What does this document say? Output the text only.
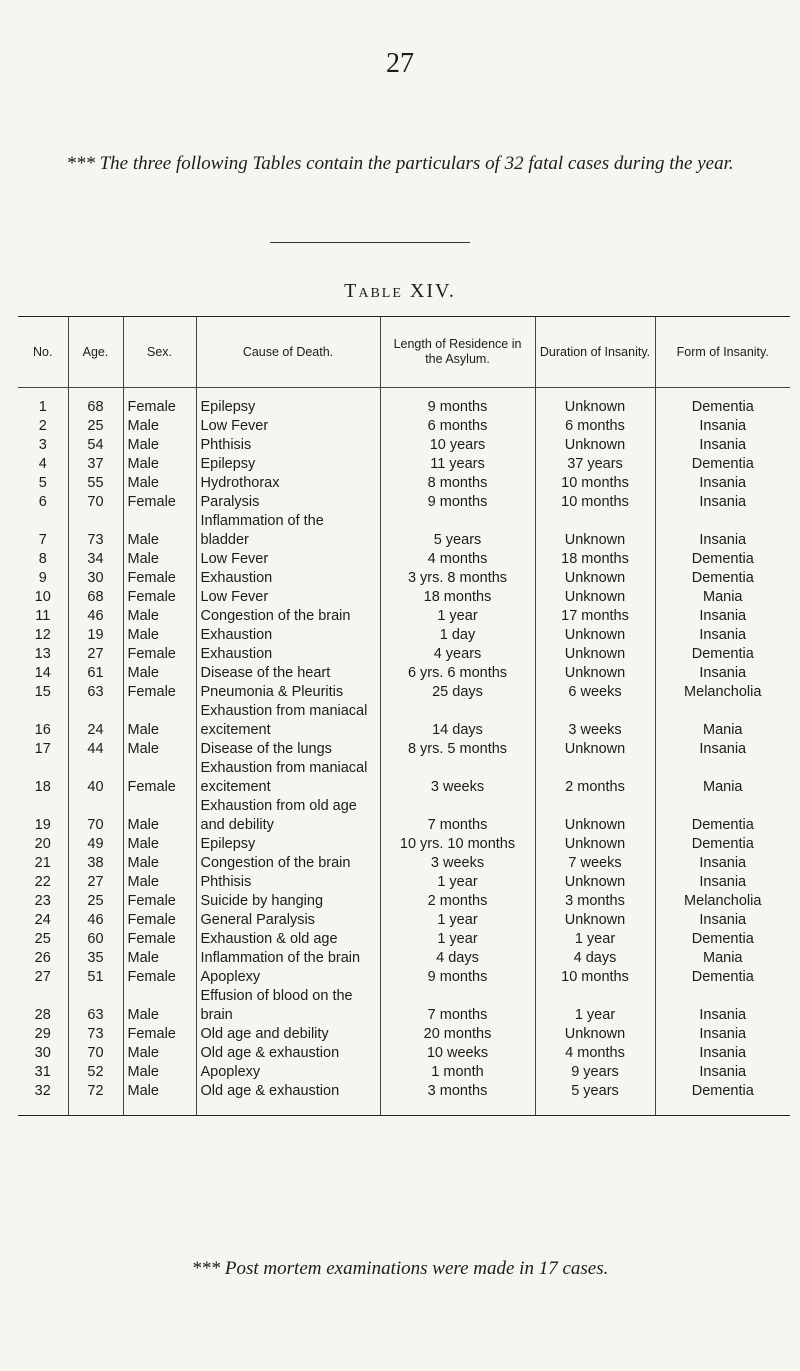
27
*** The three following Tables contain the particulars of 32 fatal cases during the year.
Table XIV.
No.	Age.	Sex.	Cause of Death.	Length of Residence in the Asylum.	Duration of Insanity.	Form of Insanity.

1	68	Female	Epilepsy	9 months	Unknown	Dementia
2	25	Male	Low Fever	6 months	6 months	Insania
3	54	Male	Phthisis	10 years	Unknown	Insania
4	37	Male	Epilepsy	11 years	37 years	Dementia
5	55	Male	Hydrothorax	8 months	10 months	Insania
6	70	Female	Paralysis	9 months	10 months	Insania
7	73	Male	Inflammation of the bladder	5 years	Unknown	Insania
8	34	Male	Low Fever	4 months	18 months	Dementia
9	30	Female	Exhaustion	3 yrs. 8 months	Unknown	Dementia
10	68	Female	Low Fever	18 months	Unknown	Mania
11	46	Male	Congestion of the brain	1 year	17 months	Insania
12	19	Male	Exhaustion	1 day	Unknown	Insania
13	27	Female	Exhaustion	4 years	Unknown	Dementia
14	61	Male	Disease of the heart	6 yrs. 6 months	Unknown	Insania
15	63	Female	Pneumonia & Pleuritis	25 days	6 weeks	Melancholia
16	24	Male	Exhaustion from maniacal excitement	14 days	3 weeks	Mania
17	44	Male	Disease of the lungs	8 yrs. 5 months	Unknown	Insania
18	40	Female	Exhaustion from maniacal excitement	3 weeks	2 months	Mania
19	70	Male	Exhaustion from old age and debility	7 months	Unknown	Dementia
20	49	Male	Epilepsy	10 yrs. 10 months	Unknown	Dementia
21	38	Male	Congestion of the brain	3 weeks	7 weeks	Insania
22	27	Male	Phthisis	1 year	Unknown	Insania
23	25	Female	Suicide by hanging	2 months	3 months	Melancholia
24	46	Female	General Paralysis	1 year	Unknown	Insania
25	60	Female	Exhaustion & old age	1 year	1 year	Dementia
26	35	Male	Inflammation of the brain	4 days	4 days	Mania
27	51	Female	Apoplexy	9 months	10 months	Dementia
28	63	Male	Effusion of blood on the brain	7 months	1 year	Insania
29	73	Female	Old age and debility	20 months	Unknown	Insania
30	70	Male	Old age & exhaustion	10 weeks	4 months	Insania
31	52	Male	Apoplexy	1 month	9 years	Insania
32	72	Male	Old age & exhaustion	3 months	5 years	Dementia
*** Post mortem examinations were made in 17 cases.
